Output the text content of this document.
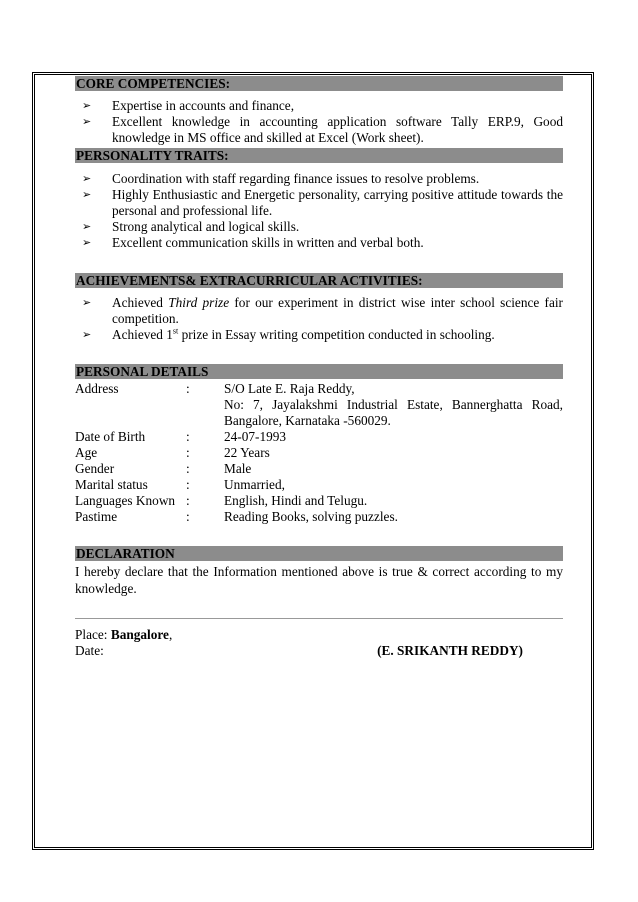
CORE COMPETENCIES:
➢ Expertise in accounts and finance,
➢ Excellent knowledge in accounting application software Tally ERP.9, Good knowledge in MS office and skilled at Excel (Work sheet).
PERSONALITY TRAITS:
➢ Coordination with staff regarding finance issues to resolve problems.
➢ Highly Enthusiastic and Energetic personality, carrying positive attitude towards the personal and professional life.
➢ Strong analytical and logical skills.
➢ Excellent communication skills in written and verbal both.
ACHIEVEMENTS& EXTRACURRICULAR ACTIVITIES:
➢ Achieved Third prize for our experiment in district wise inter school science fair competition.
➢ Achieved 1st prize in Essay writing competition conducted in schooling.
PERSONAL DETAILS
Address	:	S/O Late E. Raja Reddy,
No: 7, Jayalakshmi Industrial Estate, Bannerghatta Road, Bangalore, Karnataka -560029.
Date of Birth	:	24-07-1993
Age	:	22 Years
Gender	:	Male
Marital status	:	Unmarried,
Languages Known :	English, Hindi and Telugu.
Pastime	:	Reading Books, solving puzzles.
DECLARATION
I hereby declare that the Information mentioned above is true & correct according to my knowledge.
Place: Bangalore,
Date:	(E. SRIKANTH REDDY)
